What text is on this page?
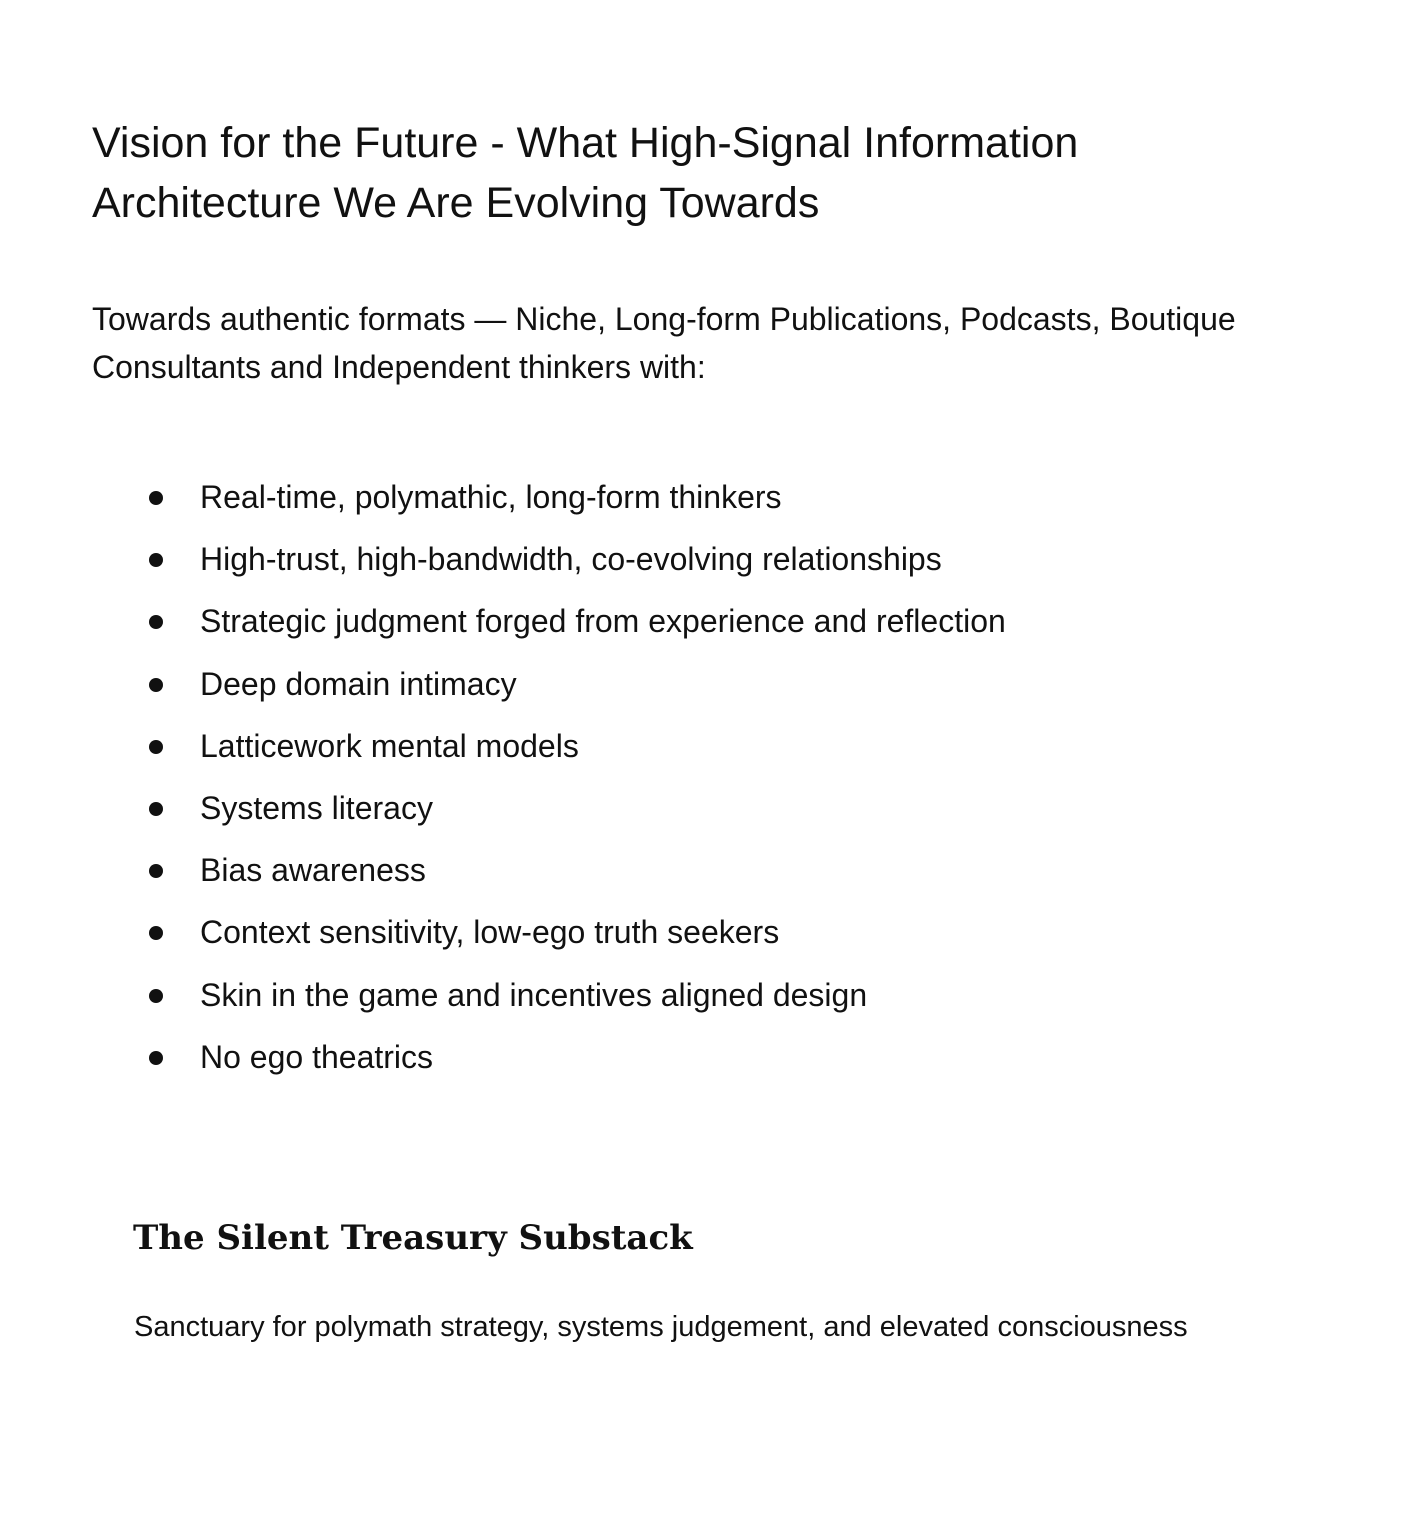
Vision for the Future - What High-Signal Information Architecture We Are Evolving Towards

Towards authentic formats — Niche, Long-form Publications, Podcasts, Boutique Consultants and Independent thinkers with:

Real-time, polymathic, long-form thinkers
High-trust, high-bandwidth, co-evolving relationships
Strategic judgment forged from experience and reflection
Deep domain intimacy
Latticework mental models
Systems literacy
Bias awareness
Context sensitivity, low-ego truth seekers
Skin in the game and incentives aligned design
No ego theatrics
The Silent Treasury Substack

Sanctuary for polymath strategy, systems judgement, and elevated consciousness
